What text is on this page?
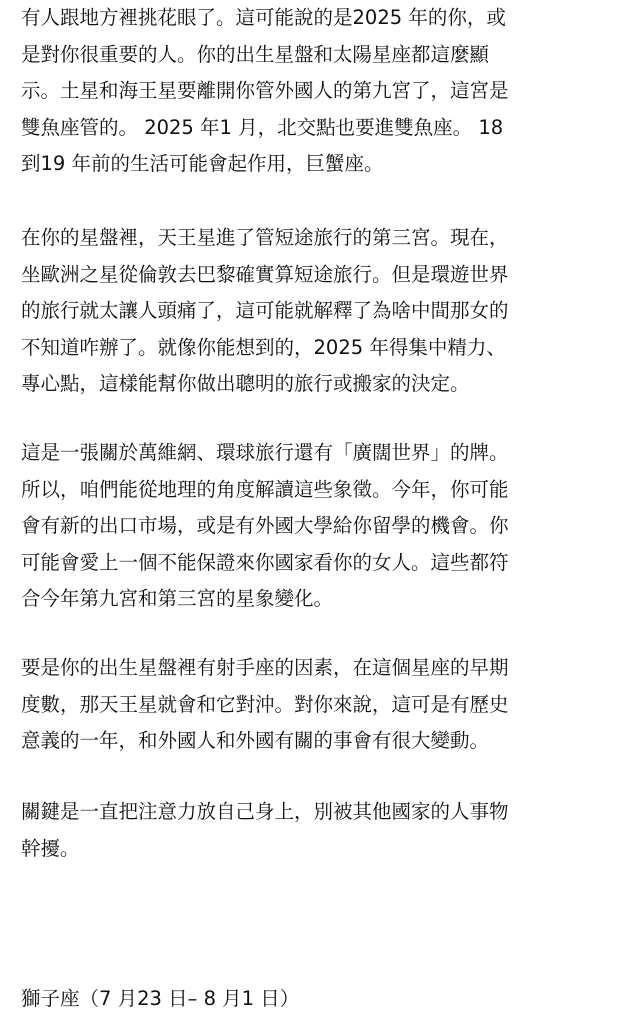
有人跟地方裡挑花眼了。這可能說的是2025 年的你，或
是對你很重要的人。你的出生星盤和太陽星座都這麼顯
示。土星和海王星要離開你管外國人的第九宮了，這宮是
雙魚座管的。 2025 年1 月，北交點也要進雙魚座。 18
到19 年前的生活可能會起作用，巨蟹座。

在你的星盤裡，天王星進了管短途旅行的第三宮。現在，
坐歐洲之星從倫敦去巴黎確實算短途旅行。但是環遊世界
的旅行就太讓人頭痛了，這可能就解釋了為啥中間那女的
不知道咋辦了。就像你能想到的，2025 年得集中精力、
專心點，這樣能幫你做出聰明的旅行或搬家的決定。

這是一張關於萬維網、環球旅行還有「廣闊世界」的牌。
所以，咱們能從地理的角度解讀這些象徵。今年，你可能
會有新的出口市場，或是有外國大學給你留學的機會。你
可能會愛上一個不能保證來你國家看你的女人。這些都符
合今年第九宮和第三宮的星象變化。

要是你的出生星盤裡有射手座的因素，在這個星座的早期
度數，那天王星就會和它對沖。對你來說，這可是有歷史
意義的一年，和外國人和外國有關的事會有很大變動。

關鍵是一直把注意力放自己身上，別被其他國家的人事物
幹擾。

獅子座（7 月23 日– 8 月1 日）
